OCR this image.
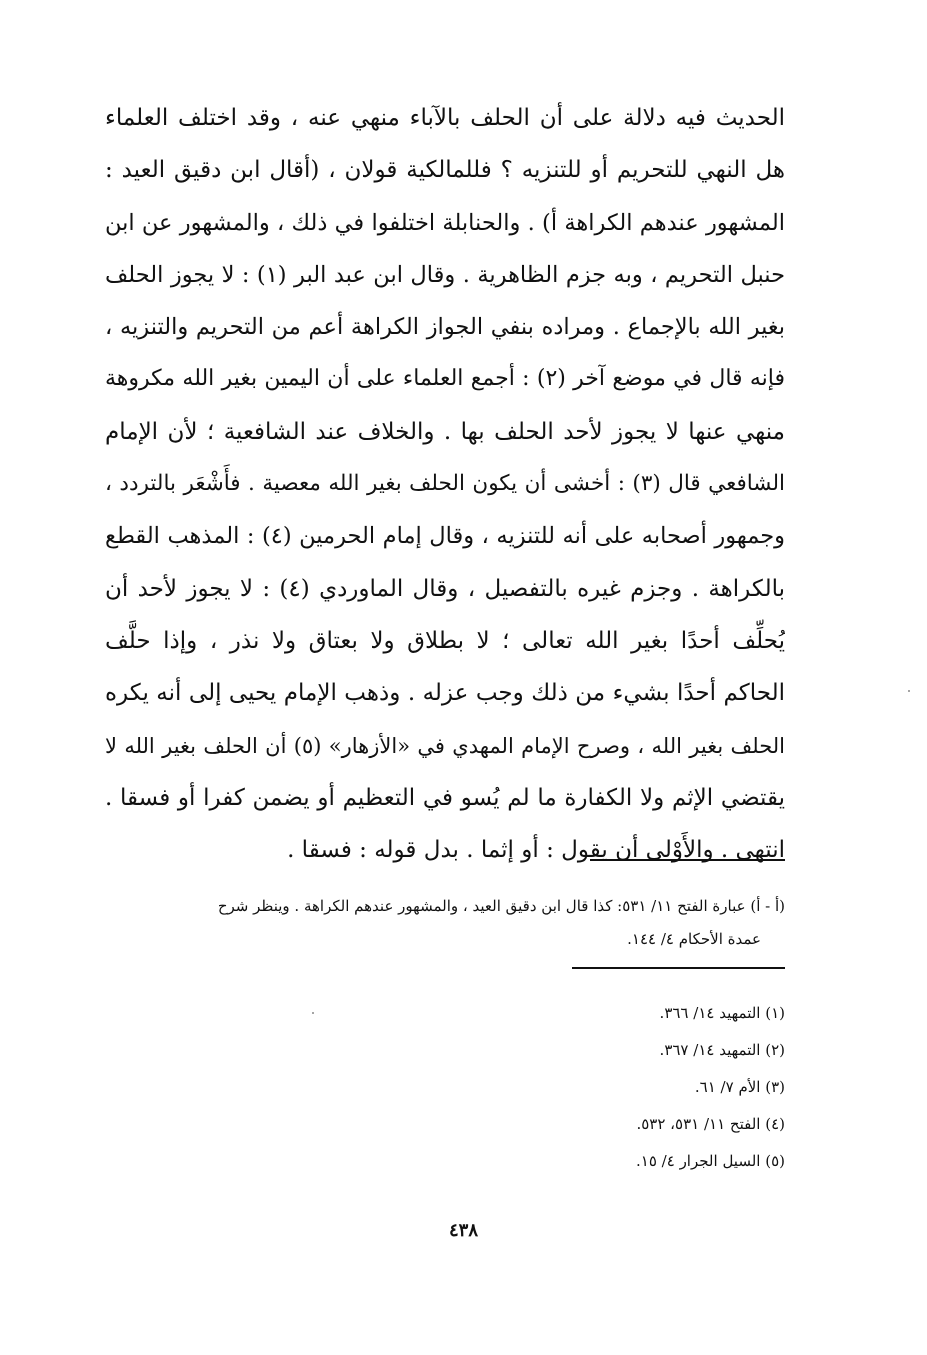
الحديث فيه دلالة على أن الحلف بالآباء منهي عنه ، وقد اختلف العلماء
هل النهي للتحريم أو للتنزيه ؟ فللمالكية قولان ، (أقال ابن دقيق العيد :
المشهور عندهم الكراهة أ) . والحنابلة اختلفوا في ذلك ، والمشهور عن ابن
حنبل التحريم ، وبه جزم الظاهرية . وقال ابن عبد البر (١) : لا يجوز الحلف
بغير الله بالإجماع . ومراده بنفي الجواز الكراهة أعم من التحريم والتنزيه ،
فإنه قال في موضع آخر (٢) : أجمع العلماء على أن اليمين بغير الله مكروهة
منهي عنها لا يجوز لأحد الحلف بها . والخلاف عند الشافعية ؛ لأن الإمام
الشافعي قال (٣) : أخشى أن يكون الحلف بغير الله معصية . فأَشْعَر بالتردد ،
وجمهور أصحابه على أنه للتنزيه ، وقال إمام الحرمين (٤) : المذهب القطع
بالكراهة . وجزم غيره بالتفصيل ، وقال الماوردي (٤) : لا يجوز لأحد أن
يُحلِّف أحدًا بغير الله تعالى ؛ لا بطلاق ولا بعتاق ولا نذر ، وإذا حلَّف
الحاكم أحدًا بشيء من ذلك وجب عزله . وذهب الإمام يحيى إلى أنه يكره
الحلف بغير الله ، وصرح الإمام المهدي في «الأزهار» (٥) أن الحلف بغير الله لا
يقتضي الإثم ولا الكفارة ما لم يُسو في التعظيم أو يضمن كفرا أو فسقا .
انتهى . والأَوْلى أن يقول : أو إثما . بدل قوله : فسقا .
(أ - أ) عبارة الفتح ١١/ ٥٣١: كذا قال ابن دقيق العيد ، والمشهور عندهم الكراهة . وينظر شرح
عمدة الأحكام ٤/ ١٤٤.
(١) التمهيد ١٤/ ٣٦٦.
(٢) التمهيد ١٤/ ٣٦٧.
(٣) الأم ٧/ ٦١.
(٤) الفتح ١١/ ٥٣١، ٥٣٢.
(٥) السيل الجرار ٤/ ١٥.
٤٣٨
